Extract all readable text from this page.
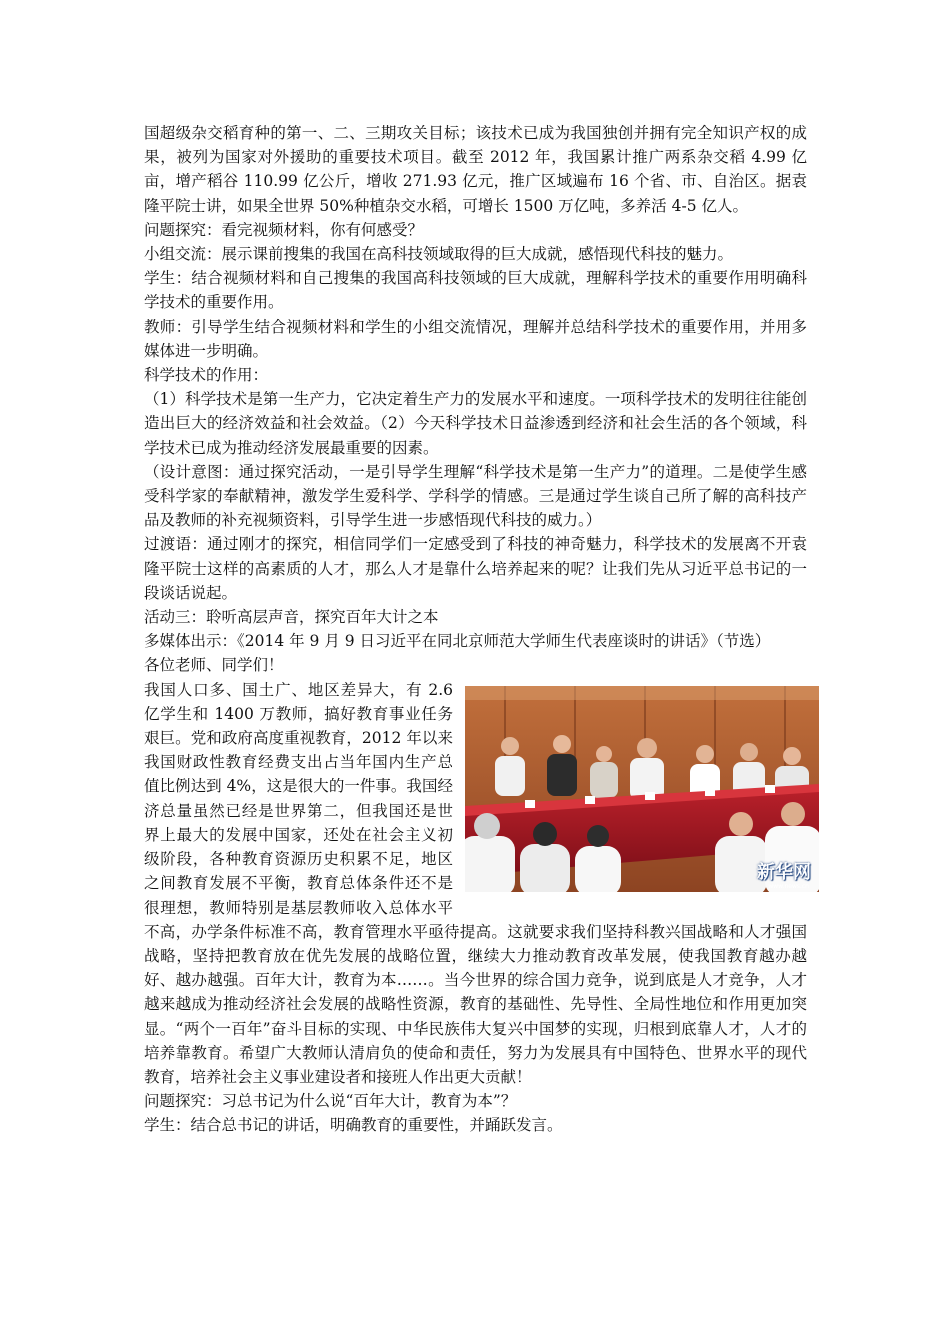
国超级杂交稻育种的第一、二、三期攻关目标；该技术已成为我国独创并拥有完全知识产权的成果，被列为国家对外援助的重要技术项目。截至 2012 年，我国累计推广两系杂交稻 4.99 亿亩，增产稻谷 110.99 亿公斤，增收 271.93 亿元，推广区域遍布 16 个省、市、自治区。据袁隆平院士讲，如果全世界 50%种植杂交水稻，可增长 1500 万亿吨，多养活 4-5 亿人。

问题探究：看完视频材料，你有何感受？

小组交流：展示课前搜集的我国在高科技领域取得的巨大成就，感悟现代科技的魅力。

学生：结合视频材料和自己搜集的我国高科技领域的巨大成就，理解科学技术的重要作用明确科学技术的重要作用。

教师：引导学生结合视频材料和学生的小组交流情况，理解并总结科学技术的重要作用，并用多媒体进一步明确。

科学技术的作用：

（1）科学技术是第一生产力，它决定着生产力的发展水平和速度。一项科学技术的发明往往能创造出巨大的经济效益和社会效益。（2）今天科学技术日益渗透到经济和社会生活的各个领域，科学技术已成为推动经济发展最重要的因素。

（设计意图：通过探究活动，一是引导学生理解“科学技术是第一生产力”的道理。二是使学生感受科学家的奉献精神，激发学生爱科学、学科学的情感。三是通过学生谈自己所了解的高科技产品及教师的补充视频资料，引导学生进一步感悟现代科技的威力。）

过渡语：通过刚才的探究，相信同学们一定感受到了科技的神奇魅力，科学技术的发展离不开袁隆平院士这样的高素质的人才，那么人才是靠什么培养起来的呢？让我们先从习近平总书记的一段谈话说起。

活动三：聆听高层声音，探究百年大计之本

多媒体出示：《2014 年 9 月 9 日习近平在同北京师范大学师生代表座谈时的讲话》（节选）

各位老师、同学们！

新华网
www.news.cn

我国人口多、国土广、地区差异大，有 2.6 亿学生和 1400 万教师，搞好教育事业任务艰巨。党和政府高度重视教育，2012 年以来我国财政性教育经费支出占当年国内生产总值比例达到 4%，这是很大的一件事。我国经济总量虽然已经是世界第二，但我国还是世界上最大的发展中国家，还处在社会主义初级阶段，各种教育资源历史积累不足，地区之间教育发展不平衡，教育总体条件还不是很理想，教师特别是基层教师收入总体水平不高，办学条件标准不高，教育管理水平亟待提高。这就要求我们坚持科教兴国战略和人才强国战略，坚持把教育放在优先发展的战略位置，继续大力推动教育改革发展，使我国教育越办越好、越办越强。百年大计，教育为本……。当今世界的综合国力竞争，说到底是人才竞争，人才越来越成为推动经济社会发展的战略性资源，教育的基础性、先导性、全局性地位和作用更加突显。“两个一百年”奋斗目标的实现、中华民族伟大复兴中国梦的实现，归根到底靠人才，人才的培养靠教育。希望广大教师认清肩负的使命和责任，努力为发展具有中国特色、世界水平的现代教育，培养社会主义事业建设者和接班人作出更大贡献！

问题探究：习总书记为什么说“百年大计，教育为本”？

学生：结合总书记的讲话，明确教育的重要性，并踊跃发言。
